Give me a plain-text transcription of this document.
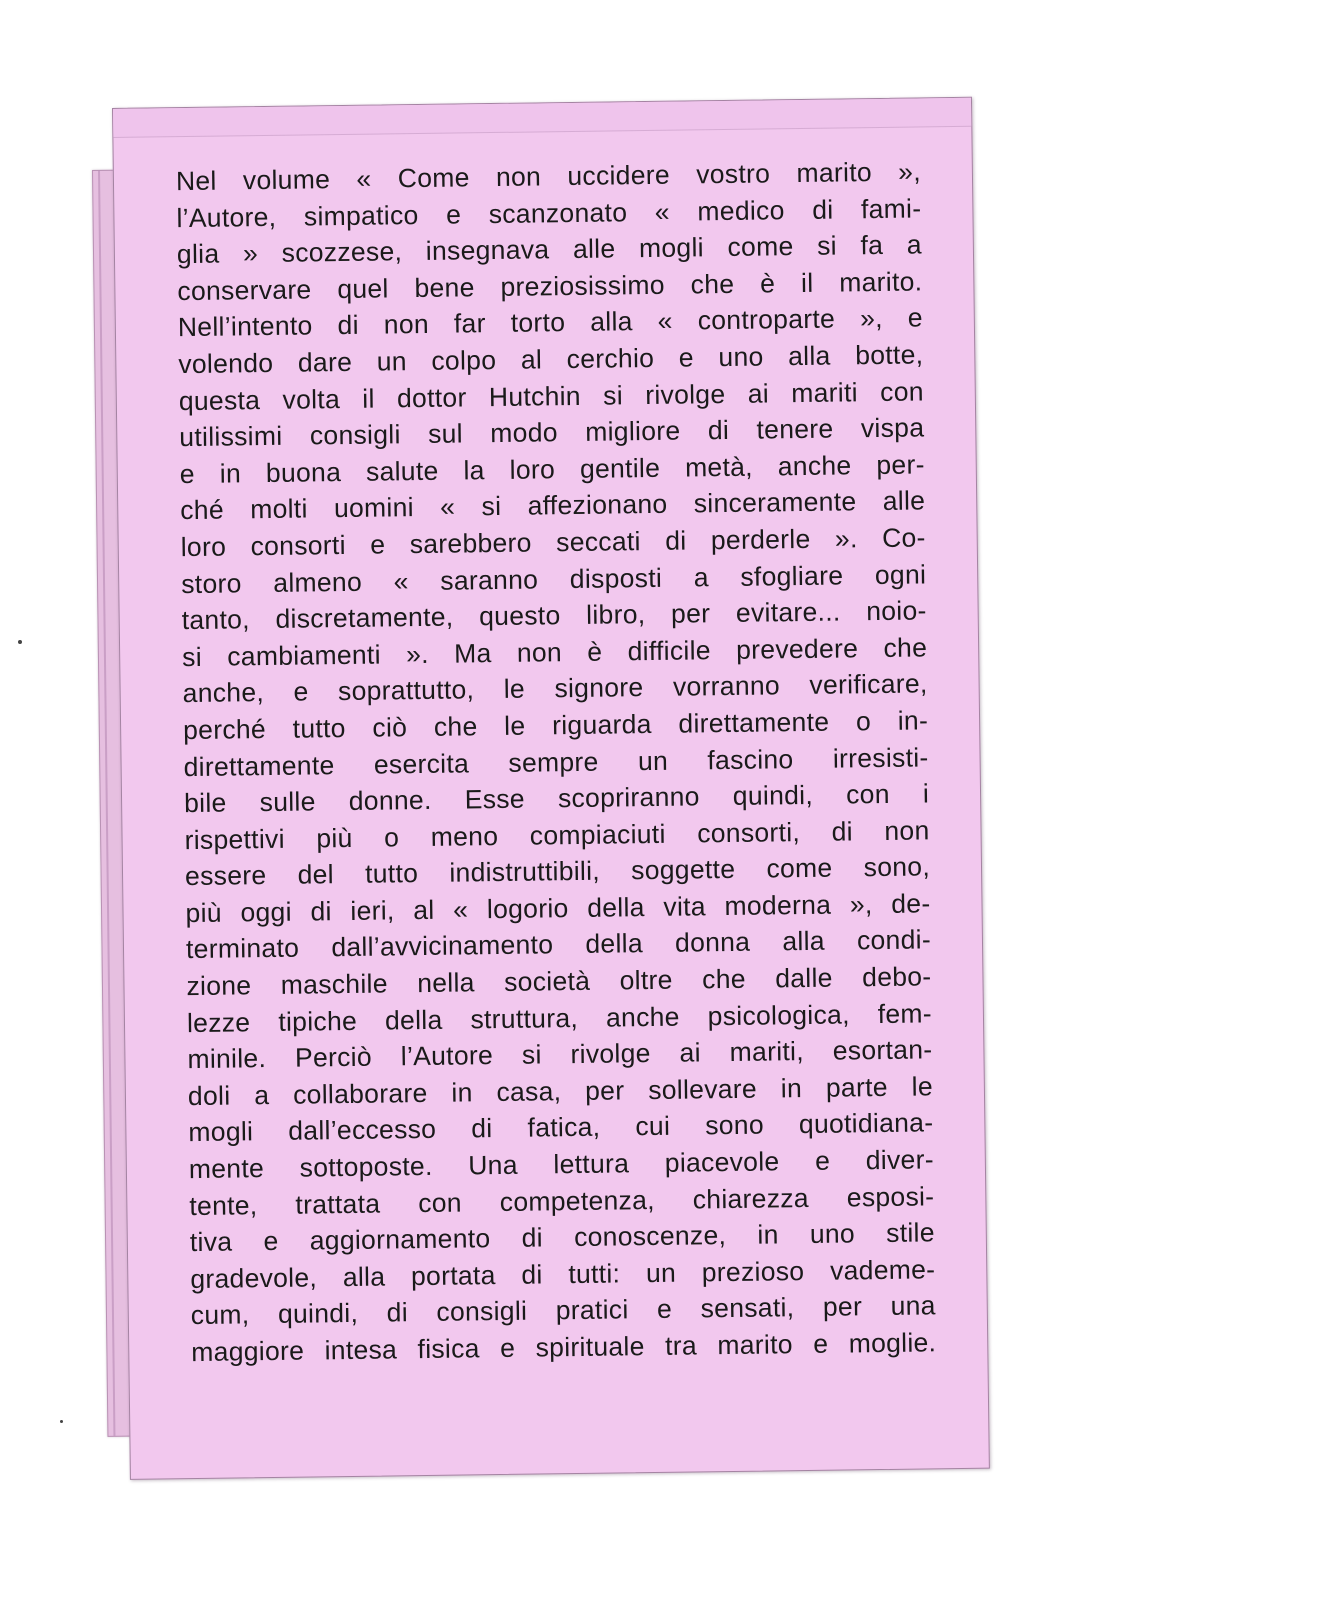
Nel volume « Come non uccidere vostro marito »,
l’Autore, simpatico e scanzonato « medico di fami-
glia » scozzese, insegnava alle mogli come si fa a
conservare quel bene preziosissimo che è il marito.
Nell’intento di non far torto alla « controparte », e
volendo dare un colpo al cerchio e uno alla botte,
questa volta il dottor Hutchin si rivolge ai mariti con
utilissimi consigli sul modo migliore di tenere vispa
e in buona salute la loro gentile metà, anche per-
ché molti uomini « si affezionano sinceramente alle
loro consorti e sarebbero seccati di perderle ». Co-
storo almeno « saranno disposti a sfogliare ogni
tanto, discretamente, questo libro, per evitare... noio-
si cambiamenti ». Ma non è difficile prevedere che
anche, e soprattutto, le signore vorranno verificare,
perché tutto ciò che le riguarda direttamente o in-
direttamente esercita sempre un fascino irresisti-
bile sulle donne. Esse scopriranno quindi, con i
rispettivi più o meno compiaciuti consorti, di non
essere del tutto indistruttibili, soggette come sono,
più oggi di ieri, al « logorio della vita moderna », de-
terminato dall’avvicinamento della donna alla condi-
zione maschile nella società oltre che dalle debo-
lezze tipiche della struttura, anche psicologica, fem-
minile. Perciò l’Autore si rivolge ai mariti, esortan-
doli a collaborare in casa, per sollevare in parte le
mogli dall’eccesso di fatica, cui sono quotidiana-
mente sottoposte. Una lettura piacevole e diver-
tente, trattata con competenza, chiarezza esposi-
tiva e aggiornamento di conoscenze, in uno stile
gradevole, alla portata di tutti: un prezioso vademe-
cum, quindi, di consigli pratici e sensati, per una
maggiore intesa fisica e spirituale tra marito e moglie.
